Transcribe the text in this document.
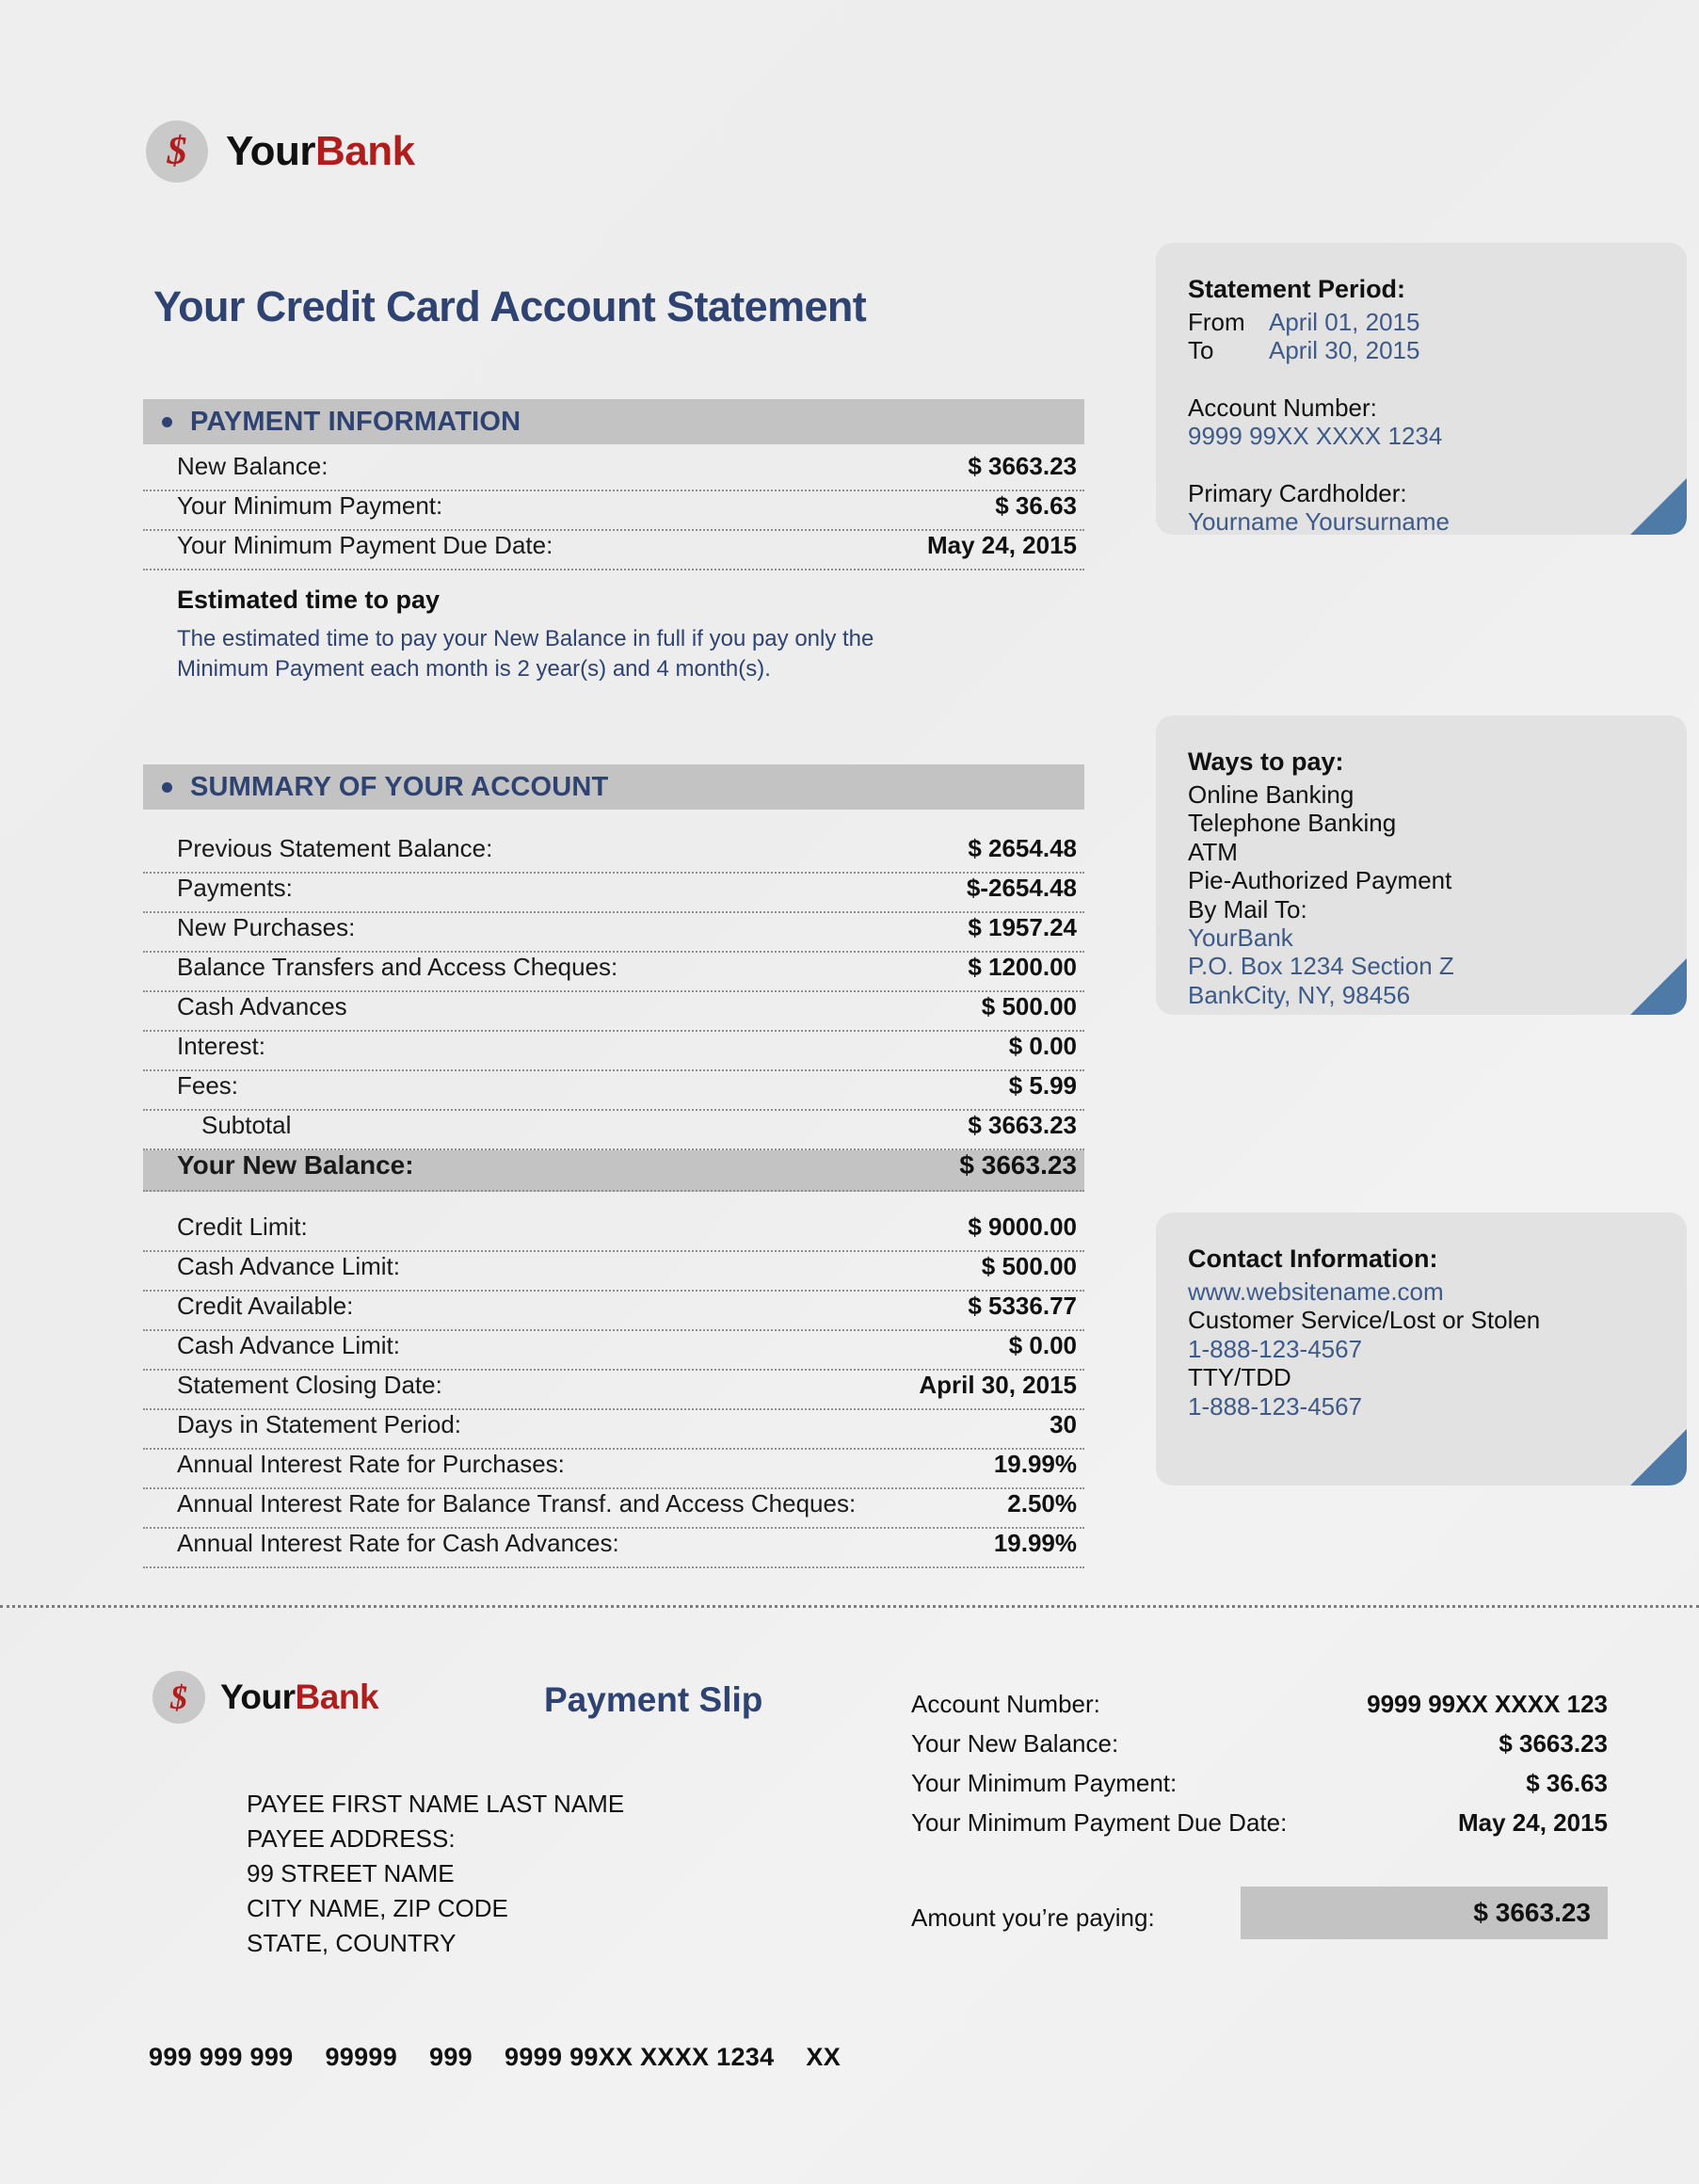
$ YourBank
Your Credit Card Account Statement
PAYMENT INFORMATION
New Balance:	$ 3663.23
Your Minimum Payment:	$ 36.63
Your Minimum Payment Due Date:	May 24, 2015
Estimated time to pay
The estimated time to pay your New Balance in full if you pay only the Minimum Payment each month is 2 year(s) and 4 month(s).
SUMMARY OF YOUR ACCOUNT
Previous Statement Balance:	$ 2654.48
Payments:	$-2654.48
New Purchases:	$ 1957.24
Balance Transfers and Access Cheques:	$ 1200.00
Cash Advances	$ 500.00
Interest:	$ 0.00
Fees:	$ 5.99
Subtotal	$ 3663.23
Your New Balance:	$ 3663.23
Credit Limit:	$ 9000.00
Cash Advance Limit:	$ 500.00
Credit Available:	$ 5336.77
Cash Advance Limit:	$ 0.00
Statement Closing Date:	April 30, 2015
Days in Statement Period:	30
Annual Interest Rate for Purchases:	19.99%
Annual Interest Rate for Balance Transf. and Access Cheques:	2.50%
Annual Interest Rate for Cash Advances:	19.99%
Statement Period:
From April 01, 2015
To	April 30, 2015
Account Number:
9999 99XX XXXX 1234
Primary Cardholder:
Yourname Yoursurname
Ways to pay:
Online Banking
Telephone Banking
ATM
Pie-Authorized Payment
By Mail To:
YourBank
P.O. Box 1234 Section Z
BankCity, NY, 98456
Contact Information:
www.websitename.com
Customer Service/Lost or Stolen
1-888-123-4567
TTY/TDD
1-888-123-4567
$ YourBank	Payment Slip
PAYEE FIRST NAME LAST NAME
PAYEE ADDRESS:
99 STREET NAME
CITY NAME, ZIP CODE
STATE, COUNTRY
Account Number:	9999 99XX XXXX 123
Your New Balance:	$ 3663.23
Your Minimum Payment:	$ 36.63
Your Minimum Payment Due Date:	May 24, 2015
Amount you’re paying:	$ 3663.23
999 999 999 99999 999 9999 99XX XXXX 1234 XX
